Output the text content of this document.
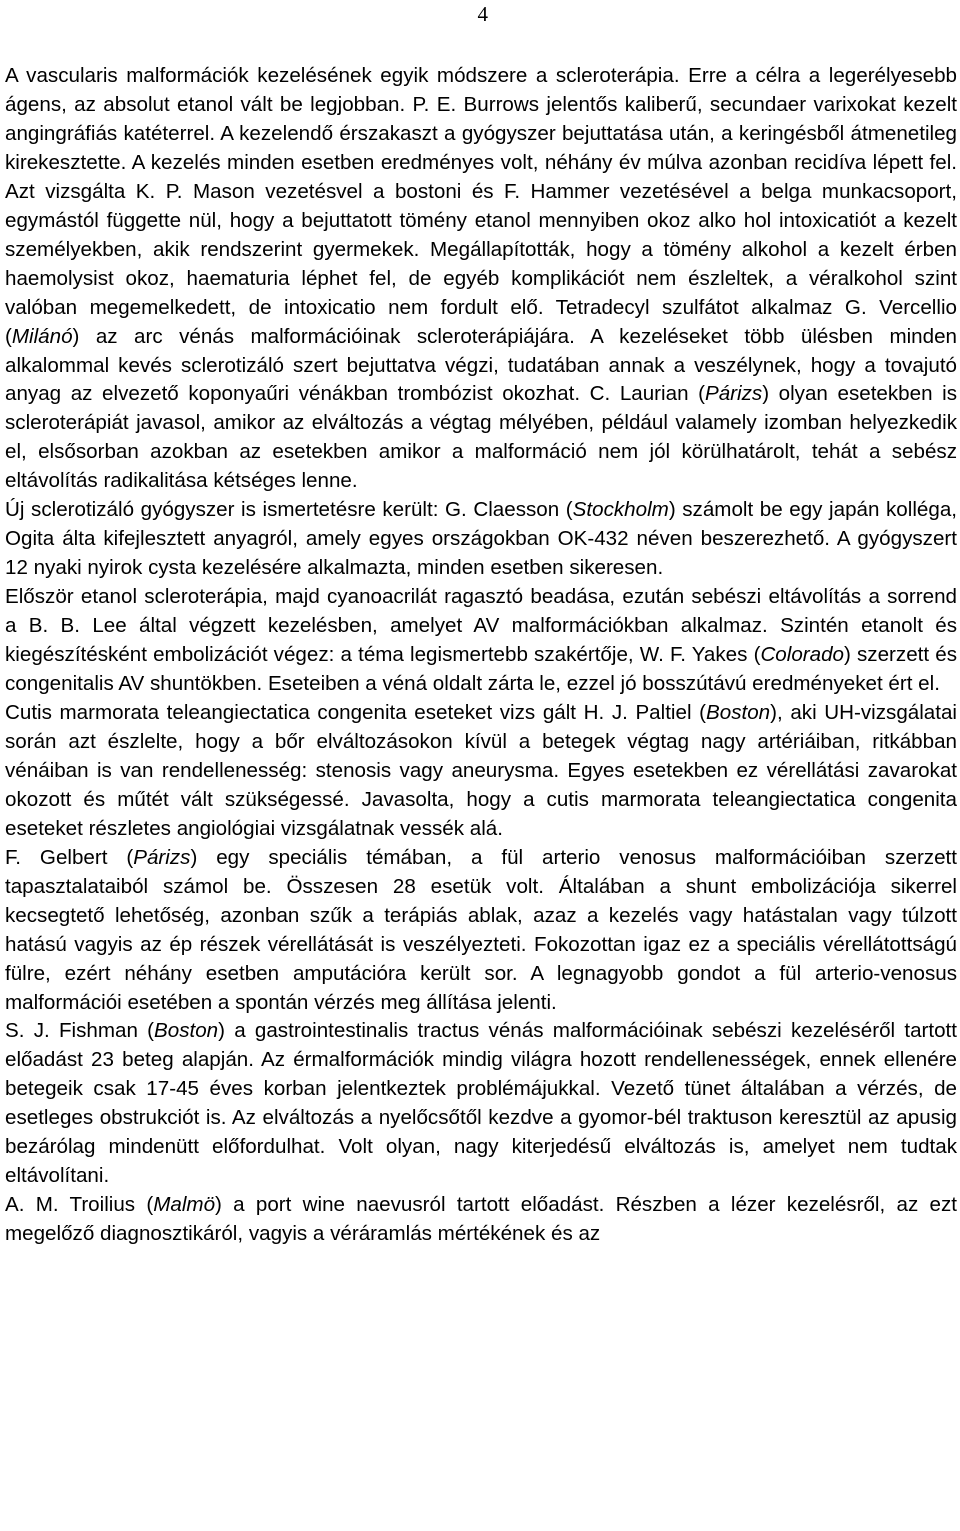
4

A vascularis malformációk kezelésének egyik módszere a scleroterápia. Erre a célra a legerélyesebb ágens, az absolut etanol vált be legjobban. P. E. Burrows jelentős kaliberű, secundaer varixokat kezelt angingráfiás katéterrel. A kezelendő érszakaszt a gyógyszer bejuttatása után, a keringésből átmenetileg kirekesztette. A kezelés minden esetben eredményes volt, néhány év múlva azonban recidíva lépett fel. Azt vizsgálta K. P. Mason vezetésvel a bostoni és F. Hammer vezetésével a belga munkacsoport, egymástól függette nül, hogy a bejuttatott tömény etanol mennyiben okoz alko hol intoxicatiót a kezelt személyekben, akik rendszerint gyermekek. Megállapították, hogy a tömény alkohol a kezelt érben haemolysist okoz, haematuria léphet fel, de egyéb komplikációt nem észleltek, a véralkohol szint valóban megemelkedett, de intoxicatio nem fordult elő. Tetradecyl szulfátot alkalmaz G. Vercellio (Milánó) az arc vénás malformációinak scleroterápiájára. A kezeléseket több ülésben minden alkalommal kevés sclerotizáló szert bejuttatva végzi, tudatában annak a veszélynek, hogy a tovajutó anyag az elvezető koponyaűri vénákban trombózist okozhat. C. Laurian (Párizs) olyan esetekben is scleroterápiát javasol, amikor az elváltozás a végtag mélyében, például valamely izomban helyezkedik el, elsősorban azokban az esetekben amikor a malformáció nem jól körülhatárolt, tehát a sebész eltávolítás radikalitása kétséges lenne.

Új sclerotizáló gyógyszer is ismertetésre került: G. Claesson (Stockholm) számolt be egy japán kolléga, Ogita álta kifejlesztett anyagról, amely egyes országokban OK-432 néven beszerezhető. A gyógyszert 12 nyaki nyirok cysta kezelésére alkalmazta, minden esetben sikeresen.

Először etanol scleroterápia, majd cyanoacrilát ragasztó beadása, ezután sebészi eltávolítás a sorrend a B. B. Lee által végzett kezelésben, amelyet AV malformációkban alkalmaz. Szintén etanolt és kiegészítésként embolizációt végez: a téma legismertebb szakértője, W. F. Yakes (Colorado) szerzett és congenitalis AV shuntökben. Eseteiben a véná oldalt zárta le, ezzel jó bosszútávú eredményeket ért el.

Cutis marmorata teleangiectatica congenita eseteket vizs gált H. J. Paltiel (Boston), aki UH-vizsgálatai során azt észlelte, hogy a bőr elváltozásokon kívül a betegek végtag nagy artériáiban, ritkábban vénáiban is van rendellenesség: stenosis vagy aneurysma. Egyes esetekben ez vérellátási zavarokat okozott és műtét vált szükségessé. Javasolta, hogy a cutis marmorata teleangiectatica congenita eseteket részletes angiológiai vizsgálatnak vessék alá.

F. Gelbert (Párizs) egy speciális témában, a fül arterio venosus malformációiban szerzett tapasztalataiból számol be. Összesen 28 esetük volt. Általában a shunt embolizációja sikerrel kecsegtető lehetőség, azonban szűk a terápiás ablak, azaz a kezelés vagy hatástalan vagy túlzott hatású vagyis az ép részek vérellátását is veszélyezteti. Fokozottan igaz ez a speciális vérellátottságú fülre, ezért néhány esetben amputációra került sor. A legnagyobb gondot a fül arterio-venosus malformációi esetében a spontán vérzés meg állítása jelenti.

S. J. Fishman (Boston) a gastrointestinalis tractus vénás malformációinak sebészi kezeléséről tartott előadást 23 beteg alapján. Az érmalformációk mindig világra hozott rendellenességek, ennek ellenére betegeik csak 17-45 éves korban jelentkeztek problémájukkal. Vezető tünet általában a vérzés, de esetleges obstrukciót is. Az elváltozás a nyelőcsőtől kezdve a gyomor-bél traktuson keresztül az apusig bezárólag mindenütt előfordulhat. Volt olyan, nagy kiterjedésű elváltozás is, amelyet nem tudtak eltávolítani.

A. M. Troilius (Malmö) a port wine naevusról tartott előadást. Részben a lézer kezelésről, az ezt megelőző diagnosztikáról, vagyis a véráramlás mértékének és az
